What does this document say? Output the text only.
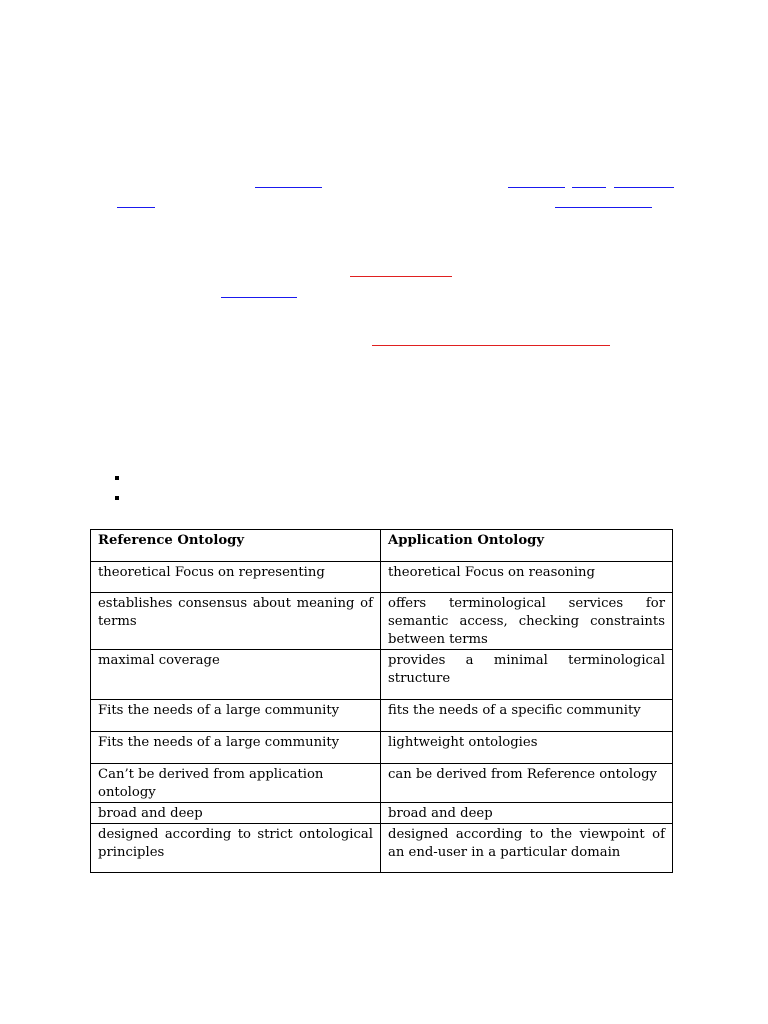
Reference Ontology	Application Ontology
theoretical Focus on representing	theoretical Focus on reasoning
establishes consensus about meaning of terms	offers terminological services for semantic access, checking constraints between terms
maximal coverage	provides a minimal terminological structure
Fits the needs of a large community	fits the needs of a specific community
Fits the needs of a large community	lightweight ontologies
Can’t be derived from application ontology	can be derived from Reference ontology
broad and deep	broad and deep
designed according to strict ontological principles	designed according to the viewpoint of an end-user in a particular domain
